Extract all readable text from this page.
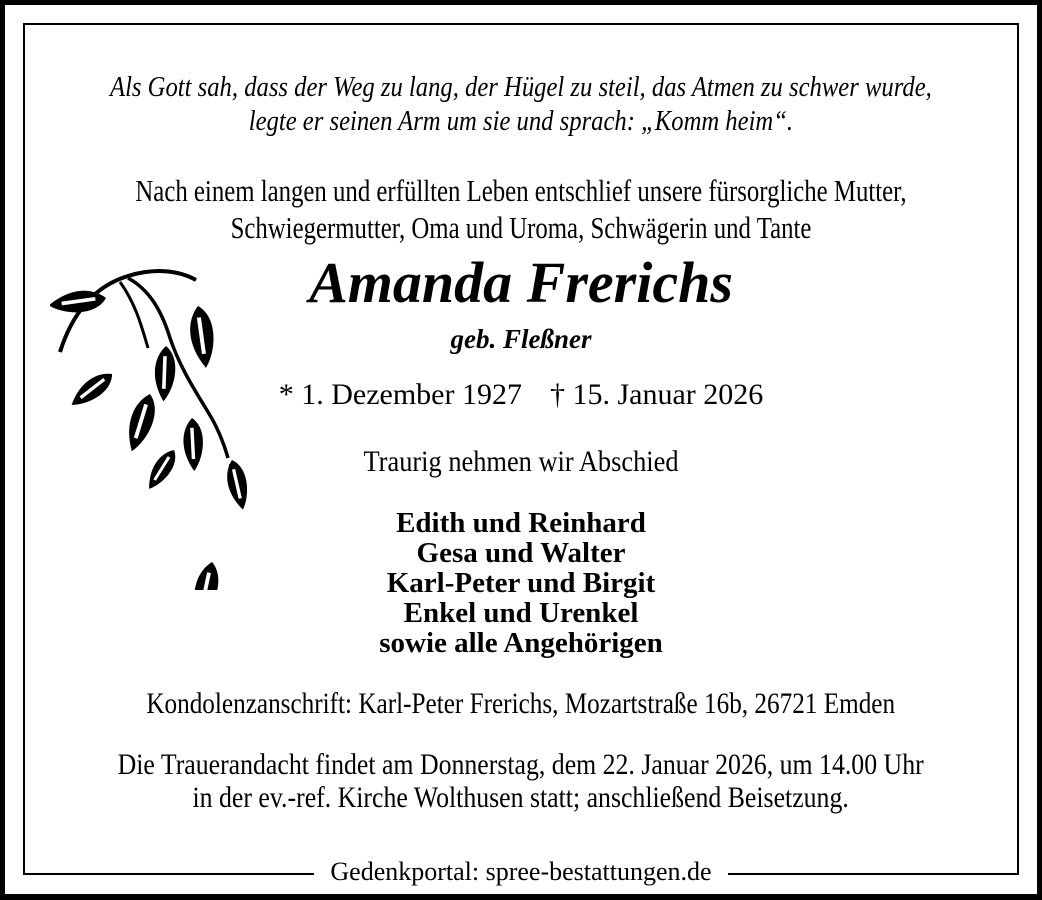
Als Gott sah, dass der Weg zu lang, der Hügel zu steil, das Atmen zu schwer wurde,
legte er seinen Arm um sie und sprach: „Komm heim“.
Nach einem langen und erfüllten Leben entschlief unsere fürsorgliche Mutter,
Schwiegermutter, Oma und Uroma, Schwägerin und Tante
Amanda Frerichs
geb. Fleßner
* 1. Dezember 1927 † 15. Januar 2026
Traurig nehmen wir Abschied
Edith und Reinhard
Gesa und Walter
Karl-Peter und Birgit
Enkel und Urenkel
sowie alle Angehörigen
Kondolenzanschrift: Karl-Peter Frerichs, Mozartstraße 16b, 26721 Emden
Die Trauerandacht findet am Donnerstag, dem 22. Januar 2026, um 14.00 Uhr
in der ev.-ref. Kirche Wolthusen statt; anschließend Beisetzung.
Gedenkportal: spree-bestattungen.de
